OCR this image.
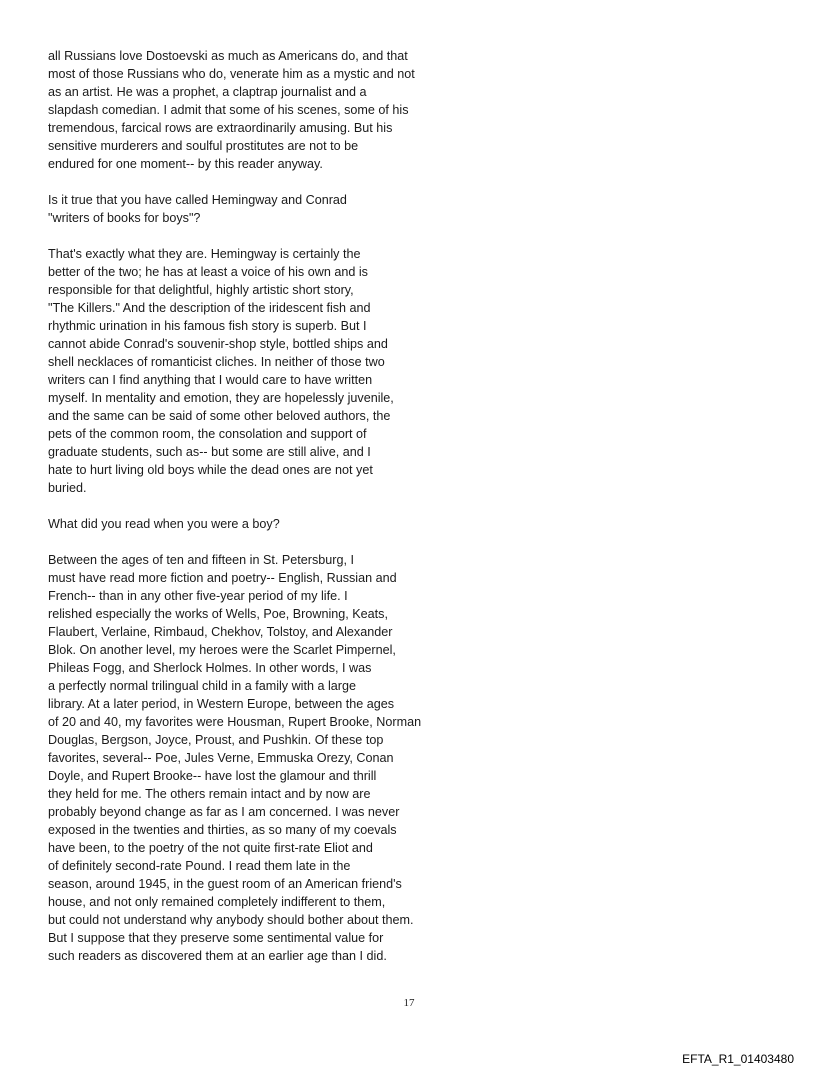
all Russians love Dostoevski as much as Americans do, and that
most of those Russians who do, venerate him as a mystic and not
as an artist. He was a prophet, a claptrap journalist and a
slapdash comedian. I admit that some of his scenes, some of his
tremendous, farcical rows are extraordinarily amusing. But his
sensitive murderers and soulful prostitutes are not to be
endured for one moment-- by this reader anyway.
Is it true that you have called Hemingway and Conrad
"writers of books for boys"?
That's exactly what they are. Hemingway is certainly the
better of the two; he has at least a voice of his own and is
responsible for that delightful, highly artistic short story,
"The Killers." And the description of the iridescent fish and
rhythmic urination in his famous fish story is superb. But I
cannot abide Conrad's souvenir-shop style, bottled ships and
shell necklaces of romanticist cliches. In neither of those two
writers can I find anything that I would care to have written
myself. In mentality and emotion, they are hopelessly juvenile,
and the same can be said of some other beloved authors, the
pets of the common room, the consolation and support of
graduate students, such as-- but some are still alive, and I
hate to hurt living old boys while the dead ones are not yet
buried.
What did you read when you were a boy?
Between the ages of ten and fifteen in St. Petersburg, I
must have read more fiction and poetry-- English, Russian and
French-- than in any other five-year period of my life. I
relished especially the works of Wells, Poe, Browning, Keats,
Flaubert, Verlaine, Rimbaud, Chekhov, Tolstoy, and Alexander
Blok. On another level, my heroes were the Scarlet Pimpernel,
Phileas Fogg, and Sherlock Holmes. In other words, I was
a perfectly normal trilingual child in a family with a large
library. At a later period, in Western Europe, between the ages
of 20 and 40, my favorites were Housman, Rupert Brooke, Norman
Douglas, Bergson, Joyce, Proust, and Pushkin. Of these top
favorites, several-- Poe, Jules Verne, Emmuska Orezy, Conan
Doyle, and Rupert Brooke-- have lost the glamour and thrill
they held for me. The others remain intact and by now are
probably beyond change as far as I am concerned. I was never
exposed in the twenties and thirties, as so many of my coevals
have been, to the poetry of the not quite first-rate Eliot and
of definitely second-rate Pound. I read them late in the
season, around 1945, in the guest room of an American friend's
house, and not only remained completely indifferent to them,
but could not understand why anybody should bother about them.
But I suppose that they preserve some sentimental value for
such readers as discovered them at an earlier age than I did.
17
EFTA_R1_01403480
